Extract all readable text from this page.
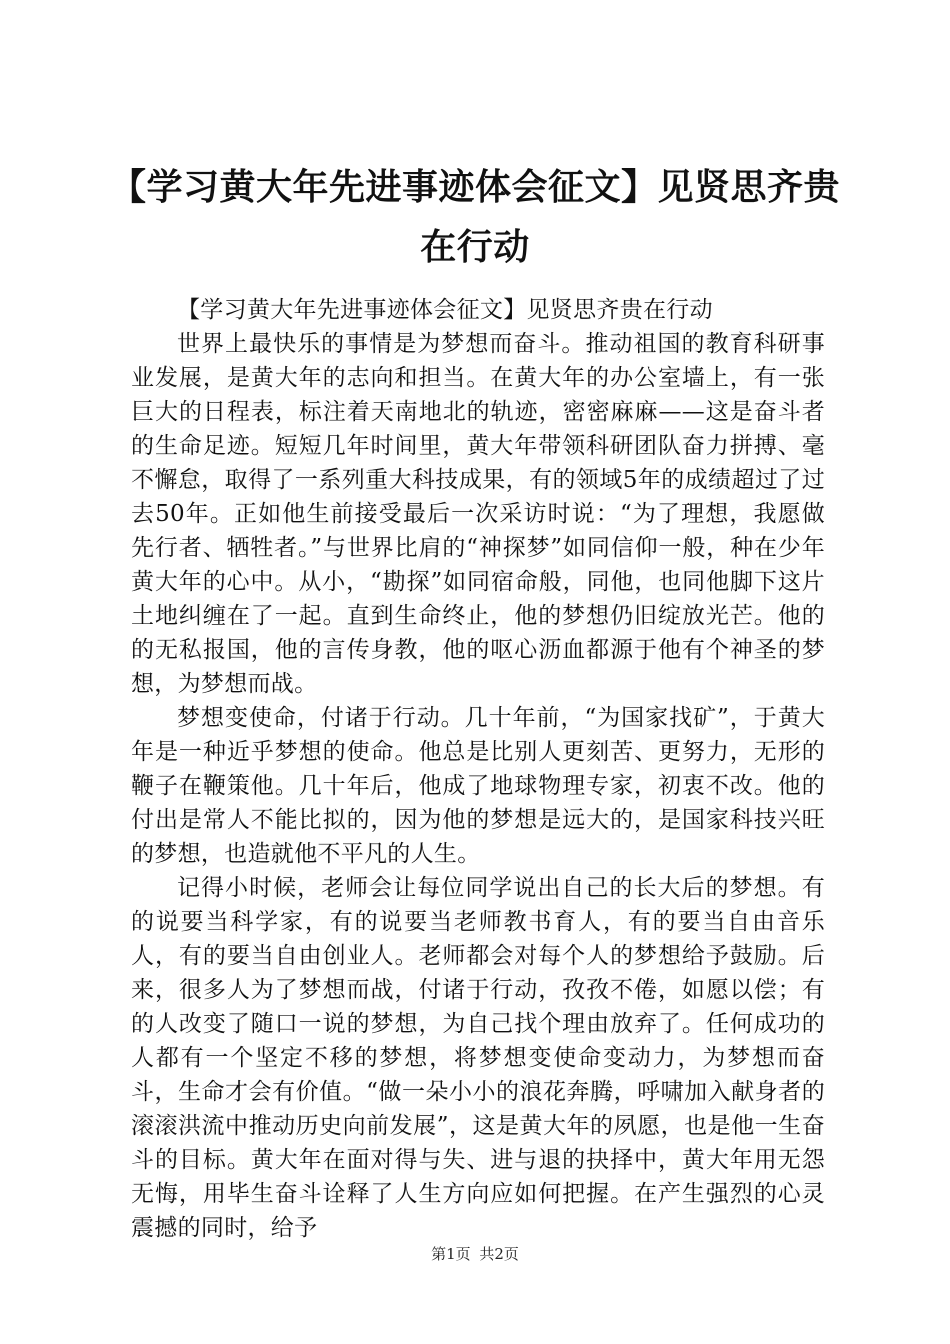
【学习黄大年先进事迹体会征文】见贤思齐贵在行动

【学习黄大年先进事迹体会征文】见贤思齐贵在行动

世界上最快乐的事情是为梦想而奋斗。推动祖国的教育科研事业发展，是黄大年的志向和担当。在黄大年的办公室墙上，有一张巨大的日程表，标注着天南地北的轨迹，密密麻麻——这是奋斗者的生命足迹。短短几年时间里，黄大年带领科研团队奋力拼搏、毫不懈怠，取得了一系列重大科技成果，有的领域5年的成绩超过了过去50年。正如他生前接受最后一次采访时说：“为了理想，我愿做先行者、牺牲者。”与世界比肩的“神探梦”如同信仰一般，种在少年黄大年的心中。从小，“勘探”如同宿命般，同他，也同他脚下这片土地纠缠在了一起。直到生命终止，他的梦想仍旧绽放光芒。他的的无私报国，他的言传身教，他的呕心沥血都源于他有个神圣的梦想，为梦想而战。

梦想变使命，付诸于行动。几十年前，“为国家找矿”，于黄大年是一种近乎梦想的使命。他总是比别人更刻苦、更努力，无形的鞭子在鞭策他。几十年后，他成了地球物理专家，初衷不改。他的付出是常人不能比拟的，因为他的梦想是远大的，是国家科技兴旺的梦想，也造就他不平凡的人生。

记得小时候，老师会让每位同学说出自己的长大后的梦想。有的说要当科学家，有的说要当老师教书育人，有的要当自由音乐人，有的要当自由创业人。老师都会对每个人的梦想给予鼓励。后来，很多人为了梦想而战，付诸于行动，孜孜不倦，如愿以偿；有的人改变了随口一说的梦想，为自己找个理由放弃了。任何成功的人都有一个坚定不移的梦想，将梦想变使命变动力，为梦想而奋斗，生命才会有价值。“做一朵小小的浪花奔腾，呼啸加入献身者的滚滚洪流中推动历史向前发展”，这是黄大年的夙愿，也是他一生奋斗的目标。黄大年在面对得与失、进与退的抉择中，黄大年用无怨无悔，用毕生奋斗诠释了人生方向应如何把握。在产生强烈的心灵震撼的同时，给予

第1页 共2页
